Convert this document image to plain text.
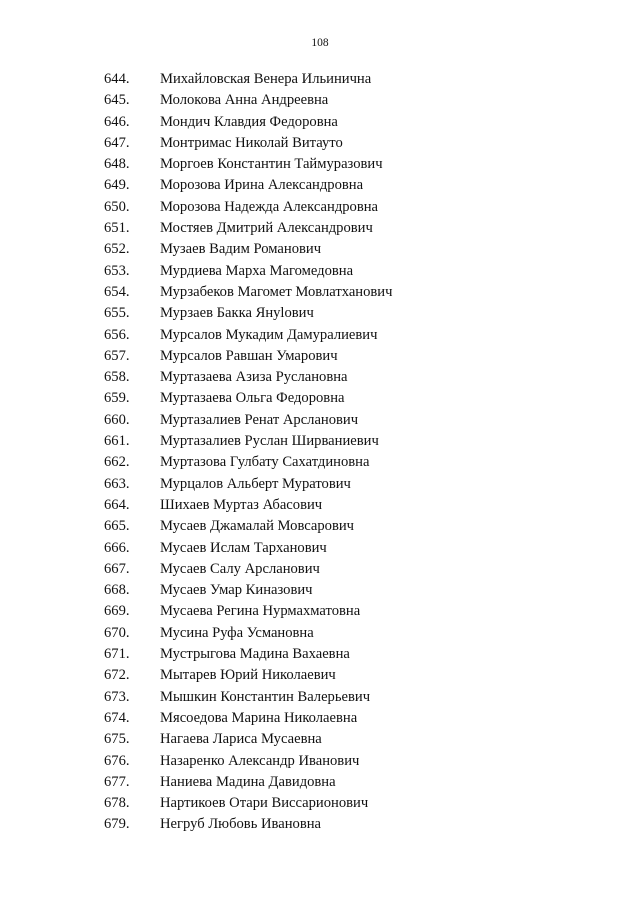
108
644. Михайловская Венера Ильинична
645. Молокова Анна Андреевна
646. Мондич Клавдия Федоровна
647. Монтримас Николай Витауто
648. Моргоев Константин Таймуразович
649. Морозова Ирина Александровна
650. Морозова Надежда Александровна
651. Мостяев Дмитрий Александрович
652. Музаев Вадим Романович
653. Мурдиева Марха Магомедовна
654. Мурзабеков Магомет Мовлатханович
655. Мурзаев Бакка Януlович
656. Мурсалов Мукадим Дамуралиевич
657. Мурсалов Равшан Умарович
658. Муртазаева Азиза Руслановна
659. Муртазаева Ольга Федоровна
660. Муртазалиев Ренат Арсланович
661. Муртазалиев Руслан Ширваниевич
662. Муртазова Гулбату Сахатдиновна
663. Мурцалов Альберт Муратович
664. Шихаев Муртаз Абасович
665. Мусаев Джамалай Мовсарович
666. Мусаев Ислам Тарханович
667. Мусаев Салу Арсланович
668. Мусаев Умар Киназович
669. Мусаева Регина Нурмахматовна
670. Мусина Руфа Усмановна
671. Мустрыгова Мадина Вахаевна
672. Мытарев Юрий Николаевич
673. Мышкин Константин Валерьевич
674. Мясоедова Марина Николаевна
675. Нагаева Лариса Мусаевна
676. Назаренко Александр Иванович
677. Наниева Мадина Давидовна
678. Нартикоев Отари Виссарионович
679. Негруб Любовь Ивановна
